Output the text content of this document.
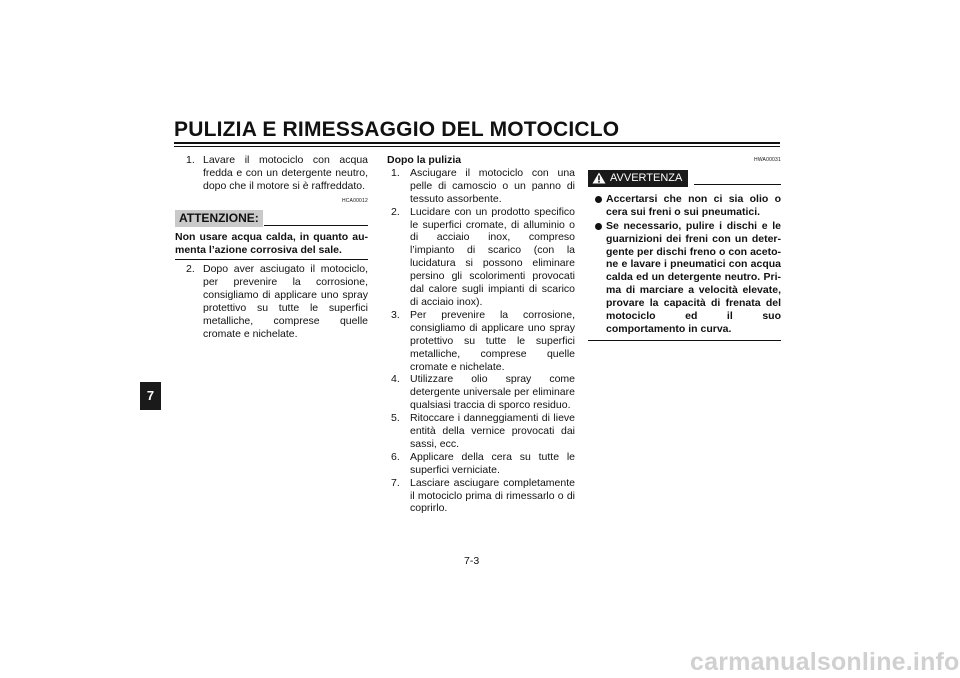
PULIZIA E RIMESSAGGIO DEL MOTOCICLO
7
1. Lavare il motociclo con acqua fredda e con un detergente neutro, dopo che il motore si è raffreddato.
HCA00012
ATTENZIONE:
Non usare acqua calda, in quanto aumenta l’azione corrosiva del sale.
2. Dopo aver asciugato il motociclo, per prevenire la corrosione, consigliamo di applicare uno spray protettivo su tutte le superfici metalliche, comprese quelle cromate e nichelate.
Dopo la pulizia
1. Asciugare il motociclo con una pelle di camoscio o un panno di tessuto assorbente.
2. Lucidare con un prodotto specifico le superfici cromate, di alluminio o di acciaio inox, compreso l’impianto di scarico (con la lucidatura si possono eliminare persino gli scolorimenti provocati dal calore sugli impianti di scarico di acciaio inox).
3. Per prevenire la corrosione, consigliamo di applicare uno spray protettivo su tutte le superfici metalliche, comprese quelle cromate e nichelate.
4. Utilizzare olio spray come detergente universale per eliminare qualsiasi traccia di sporco residuo.
5. Ritoccare i danneggiamenti di lieve entità della vernice provocati dai sassi, ecc.
6. Applicare della cera su tutte le superfici verniciate.
7. Lasciare asciugare completamente il motociclo prima di rimessarlo o di coprirlo.
HWA00031
AVVERTENZA
Accertarsi che non ci sia olio o cera sui freni o sui pneumatici.
Se necessario, pulire i dischi e le guarnizioni dei freni con un detergente per dischi freno o con acetone e lavare i pneumatici con acqua calda ed un detergente neutro. Prima di marciare a velocità elevate, provare la capacità di frenata del motociclo ed il suo comportamento in curva.
7-3
carmanualsonline.info
